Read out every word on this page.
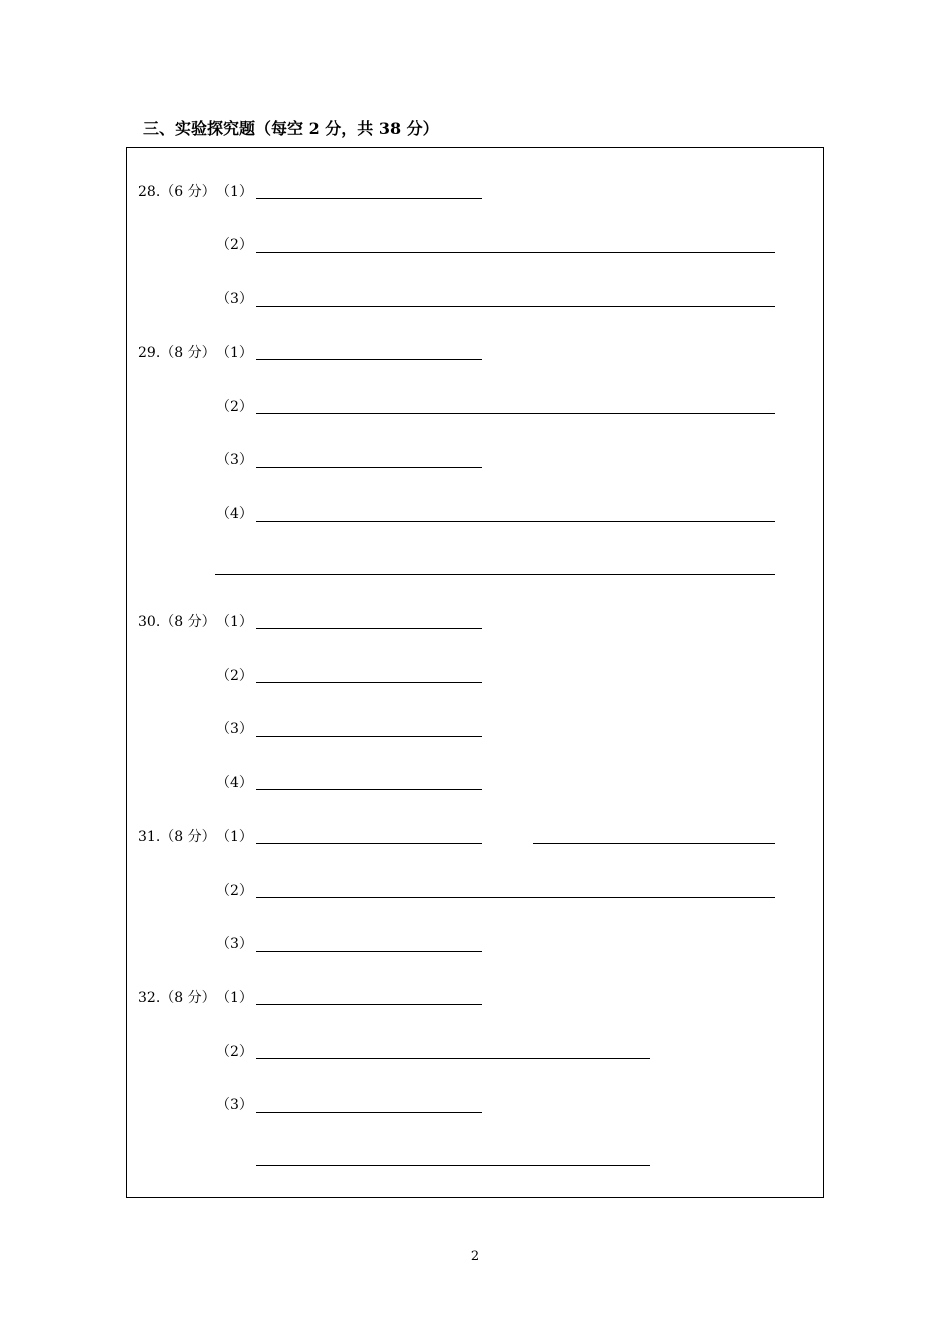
三、实验探究题（每空 2 分，共 38 分）
28.（6 分） （1）
（2）
（3）
29.（8 分） （1）
（2）
（3）
（4）
30.（8 分） （1）
（2）
（3）
（4）
31.（8 分） （1）
（2）
（3）
32.（8 分） （1）
（2）
（3）
2
